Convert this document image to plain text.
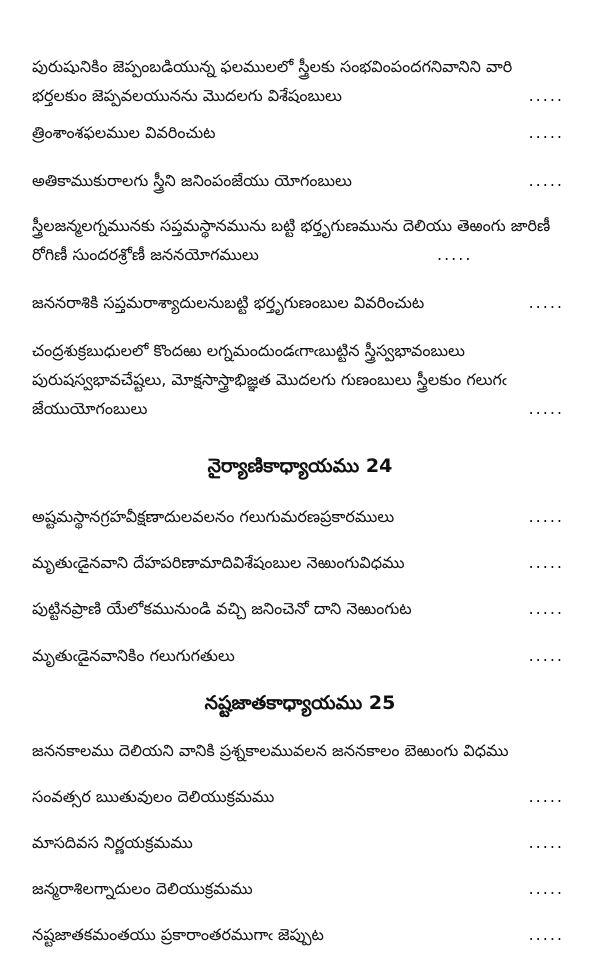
పురుషునికిం జెప్పంబడియున్న ఫలములలో స్త్రీలకు సంభవింపందగనివానిని వారి
భర్తలకుం జెప్పవలయునను మొదలగు విశేషంబులు	.....
త్రింశాంశఫలముల వివరించుట	.....
అతికాముకురాలగు స్త్రీని జనింపంజేయు యోగంబులు	.....
స్త్రీలజన్మలగ్నమునకు సప్తమస్థానమును బట్టి భర్తృగుణమును దెలియు తెఱంగు జారిణీ
రోగిణీ సుందరశ్రోణీ జననయోగములు	.....
జననరాశికి సప్తమరాశ్యాదులనుబట్టి భర్తృగుణంబుల వివరించుట	.....
చంద్రశుక్రబుధులలో కొందఱు లగ్నమందుండఁగాఁబుట్టిన స్త్రీస్వభావంబులు
పురుషస్వభావచేష్టలు, మోక్షసాస్త్రాభిజ్ఞత మొదలగు గుణంబులు స్త్రీలకుం గలుగఁ
జేయుయోగంబులు	.....
నైర్యాణికాధ్యాయము 24
అష్టమస్థానగ్రహవీక్షణాదులవలనం గలుగుమరణప్రకారములు	.....
మృతుఁడైనవాని దేహపరిణామాదివిశేషంబుల నెఱుంగువిధము	.....
పుట్టినప్రాణి యేలోకమునుండి వచ్చి జనించెనో దాని నెఱుంగుట	.....
మృతుఁడైనవానికిం గలుగుగతులు	.....
నష్టజాతకాధ్యాయము 25
జననకాలము దెలియని వానికి ప్రశ్నకాలమువలన జననకాలం బెఱుంగు విధము
సంవత్సర ఋతువులం దెలియుక్రమము	.....
మాసదివస నిర్ణయక్రమము	.....
జన్మరాశిలగ్నాదులం దెలియుక్రమము	.....
నష్టజాతకమంతయు ప్రకారాంతరముగాఁ జెప్పుట	.....
